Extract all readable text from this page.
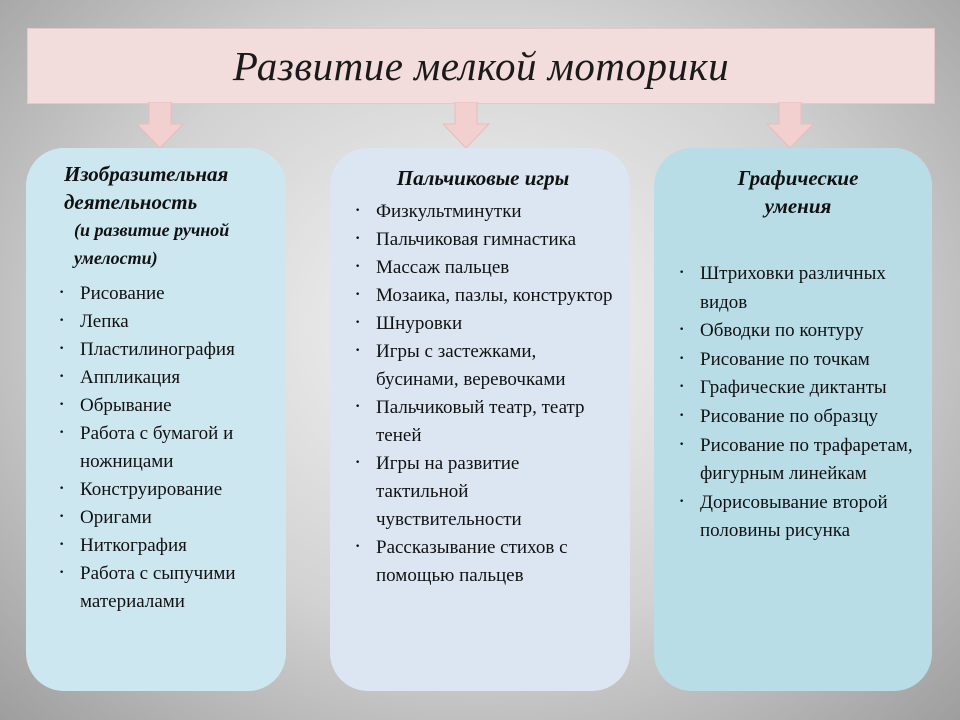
Развитие мелкой моторики

Изобразительная деятельность

(и развитие ручной умелости)

· Рисование
· Лепка
· Пластилинография
· Аппликация
· Обрывание
· Работа с бумагой и ножницами
· Конструирование
· Оригами
· Ниткография
· Работа с сыпучими материалами

Пальчиковые игры

· Физкультминутки
· Пальчиковая гимнастика
· Массаж пальцев
· Мозаика, пазлы, конструктор
· Шнуровки
· Игры с застежками, бусинами, веревочками
· Пальчиковый театр, театр теней
· Игры на развитие тактильной чувствительности
· Рассказывание стихов с помощью пальцев

Графические умения

· Штриховки различных видов
· Обводки по контуру
· Рисование по точкам
· Графические диктанты
· Рисование по образцу
· Рисование по трафаретам,фигурным линейкам
· Дорисовывание второй половины рисунка
